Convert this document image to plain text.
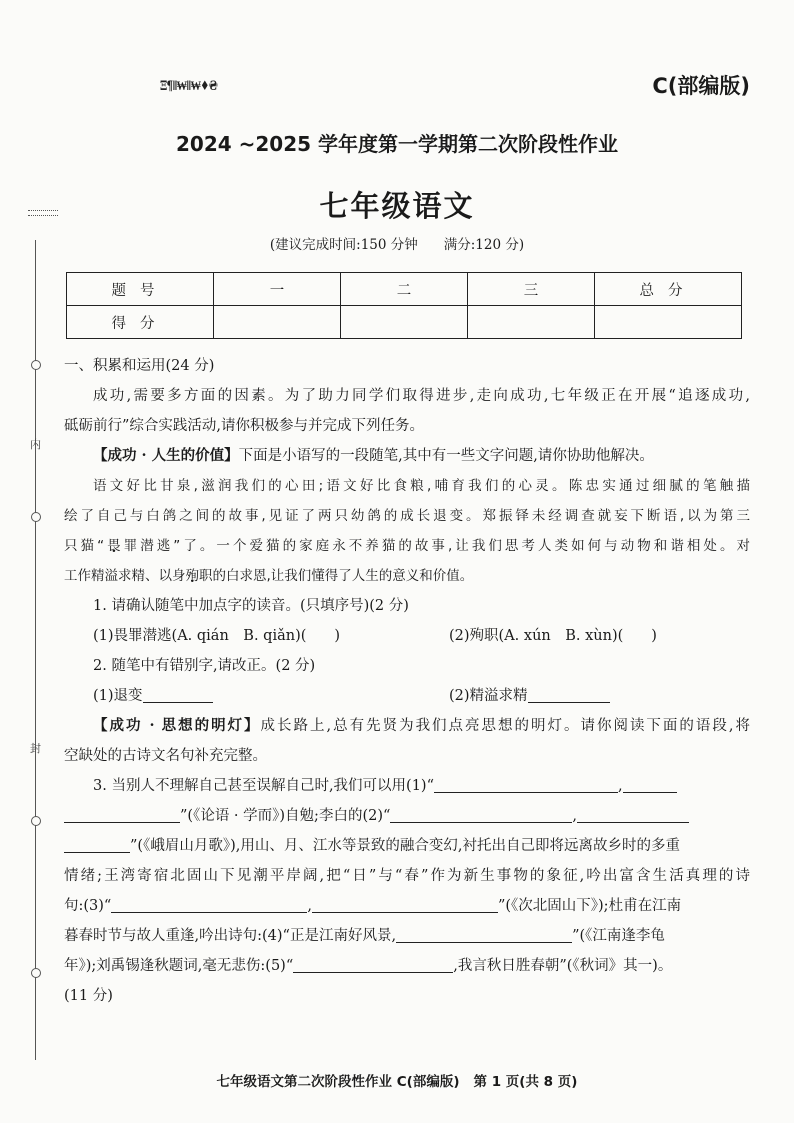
Ξ¶ǁ₩ǁ₩♦₴	C(部编版)
2024 ~2025 学年度第一学期第二次阶段性作业
七年级语文
(建议完成时间:150 分钟 满分:120 分)
内
封
题号	一	二	三	总分
得分				
一、积累和运用(24 分)
成功,需要多方面的因素。为了助力同学们取得进步,走向成功,七年级正在开展“追逐成功,
砥砺前行”综合实践活动,请你积极参与并完成下列任务。
【成功 · 人生的价值】下面是小语写的一段随笔,其中有一些文字问题,请你协助他解决。
语文好比甘泉,滋润我们的心田;语文好比食粮,哺育我们的心灵。陈忠实通过细腻的笔触描
绘了自己与白鸽之间的故事,见证了两只幼鸽的成长退变。郑振铎未经调查就妄下断语,以为第三
只猫“畏罪潜逃”了。一个爱猫的家庭永不养猫的故事,让我们思考人类如何与动物和谐相处。对
工作精溢求精、以身殉职的白求恩,让我们懂得了人生的意义和价值。
1. 请确认随笔中加点字的读音。(只填序号)(2 分)
(1)畏罪潜逃(A. qián　B. qiǎn)( )	(2)殉职(A. xún　B. xùn)( )
2. 随笔中有错别字,请改正。(2 分)
(1)退变	(2)精溢求精
【成功 · 思想的明灯】成长路上,总有先贤为我们点亮思想的明灯。请你阅读下面的语段,将
空缺处的古诗文名句补充完整。
3. 当别人不理解自己甚至误解自己时,我们可以用(1)“	,
”(《论语 · 学而》)自勉;李白的(2)“	,
”(《峨眉山月歌》),用山、月、江水等景致的融合变幻,衬托出自己即将远离故乡时的多重
情绪;王湾寄宿北固山下见潮平岸阔,把“日”与“春”作为新生事物的象征,吟出富含生活真理的诗
句:(3)“	,	”(《次北固山下》);杜甫在江南
暮春时节与故人重逢,吟出诗句:(4)“正是江南好风景,	”(《江南逢李龟
年》);刘禹锡逢秋题词,毫无悲伤:(5)“	,我言秋日胜春朝”(《秋词》其一)。
(11 分)
七年级语文第二次阶段性作业 C(部编版) 第 1 页(共 8 页)
